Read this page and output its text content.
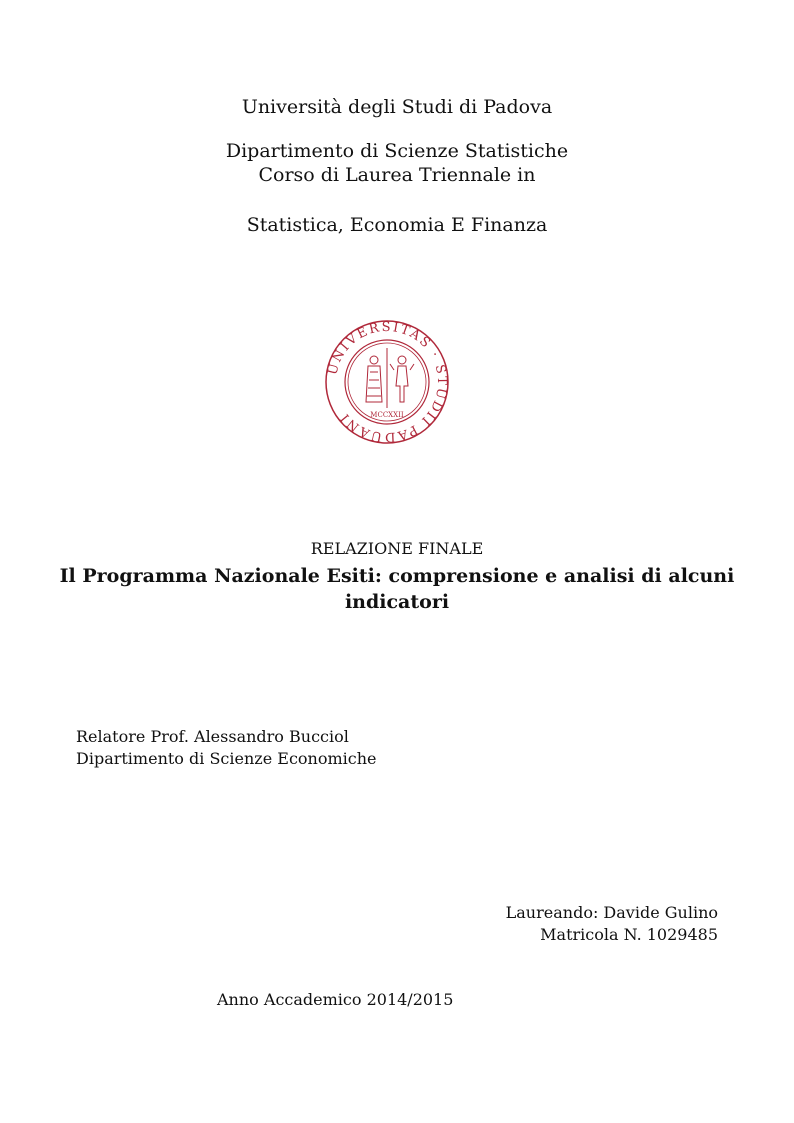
Università degli Studi di Padova
Dipartimento di Scienze Statistiche
Corso di Laurea Triennale in
Statistica, Economia E Finanza
UNIVERSITAS · STUDII PADUANI	MCCXXII
RELAZIONE FINALE
Il Programma Nazionale Esiti: comprensione e analisi di alcuni
indicatori
Relatore Prof. Alessandro Bucciol
Dipartimento di Scienze Economiche
Laureando: Davide Gulino
Matricola N. 1029485
Anno Accademico 2014/2015
